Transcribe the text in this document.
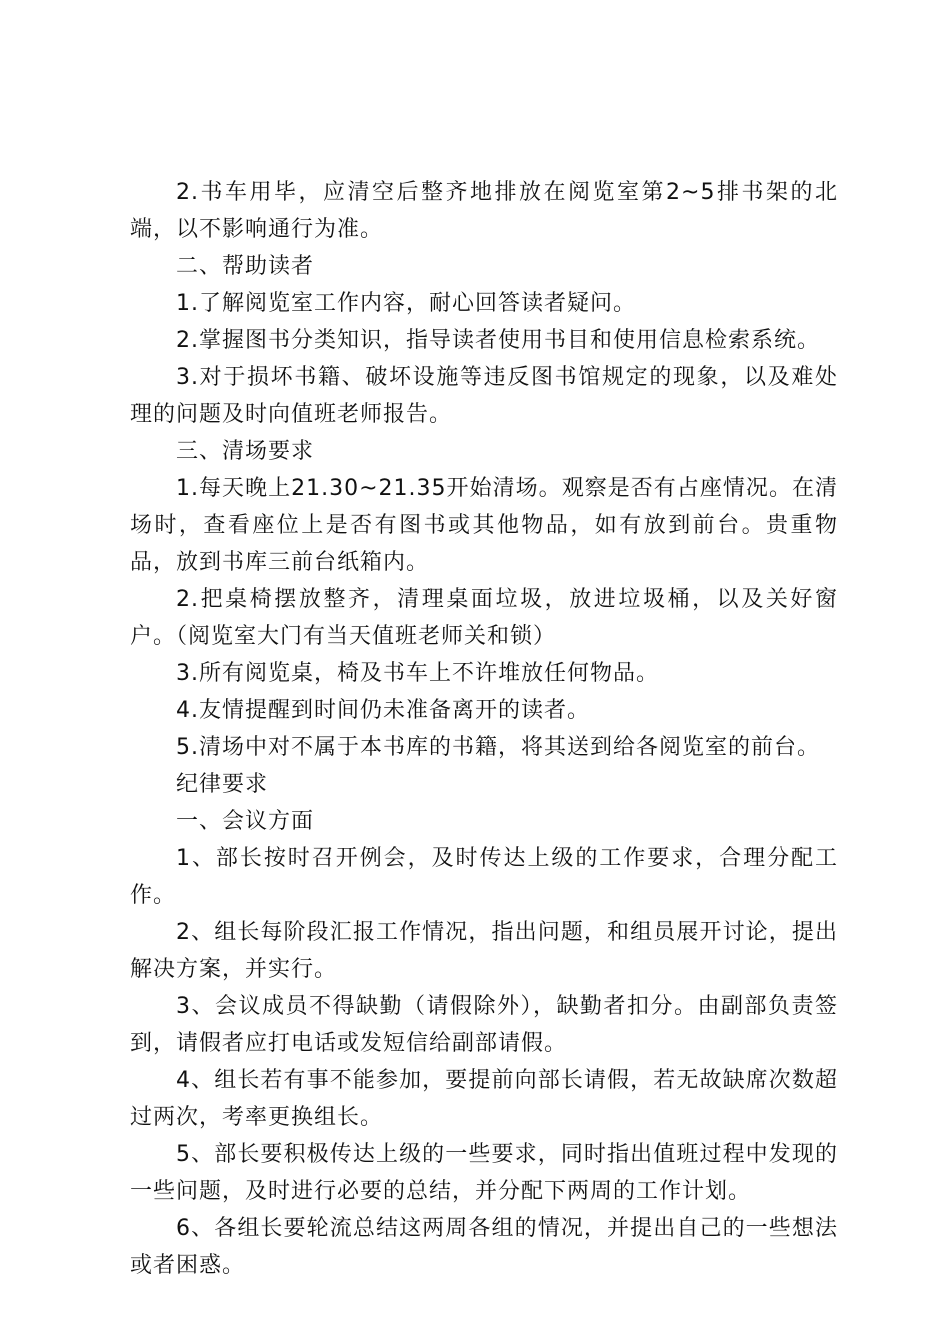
2.书车用毕，应清空后整齐地排放在阅览室第2~5排书架的北端，以不影响通行为准。

二、帮助读者

1.了解阅览室工作内容，耐心回答读者疑问。

2.掌握图书分类知识，指导读者使用书目和使用信息检索系统。

3.对于损坏书籍、破坏设施等违反图书馆规定的现象，以及难处理的问题及时向值班老师报告。

三、清场要求

1.每天晚上21.30~21.35开始清场。观察是否有占座情况。在清场时，查看座位上是否有图书或其他物品，如有放到前台。贵重物品，放到书库三前台纸箱内。

2.把桌椅摆放整齐，清理桌面垃圾，放进垃圾桶，以及关好窗户。（阅览室大门有当天值班老师关和锁）

3.所有阅览桌，椅及书车上不许堆放任何物品。

4.友情提醒到时间仍未准备离开的读者。

5.清场中对不属于本书库的书籍，将其送到给各阅览室的前台。

纪律要求

一、会议方面

1、部长按时召开例会，及时传达上级的工作要求，合理分配工作。

2、组长每阶段汇报工作情况，指出问题，和组员展开讨论，提出解决方案，并实行。

3、会议成员不得缺勤（请假除外），缺勤者扣分。由副部负责签到，请假者应打电话或发短信给副部请假。

4、组长若有事不能参加，要提前向部长请假，若无故缺席次数超过两次，考率更换组长。

5、部长要积极传达上级的一些要求，同时指出值班过程中发现的一些问题，及时进行必要的总结，并分配下两周的工作计划。

6、各组长要轮流总结这两周各组的情况，并提出自己的一些想法或者困惑。
